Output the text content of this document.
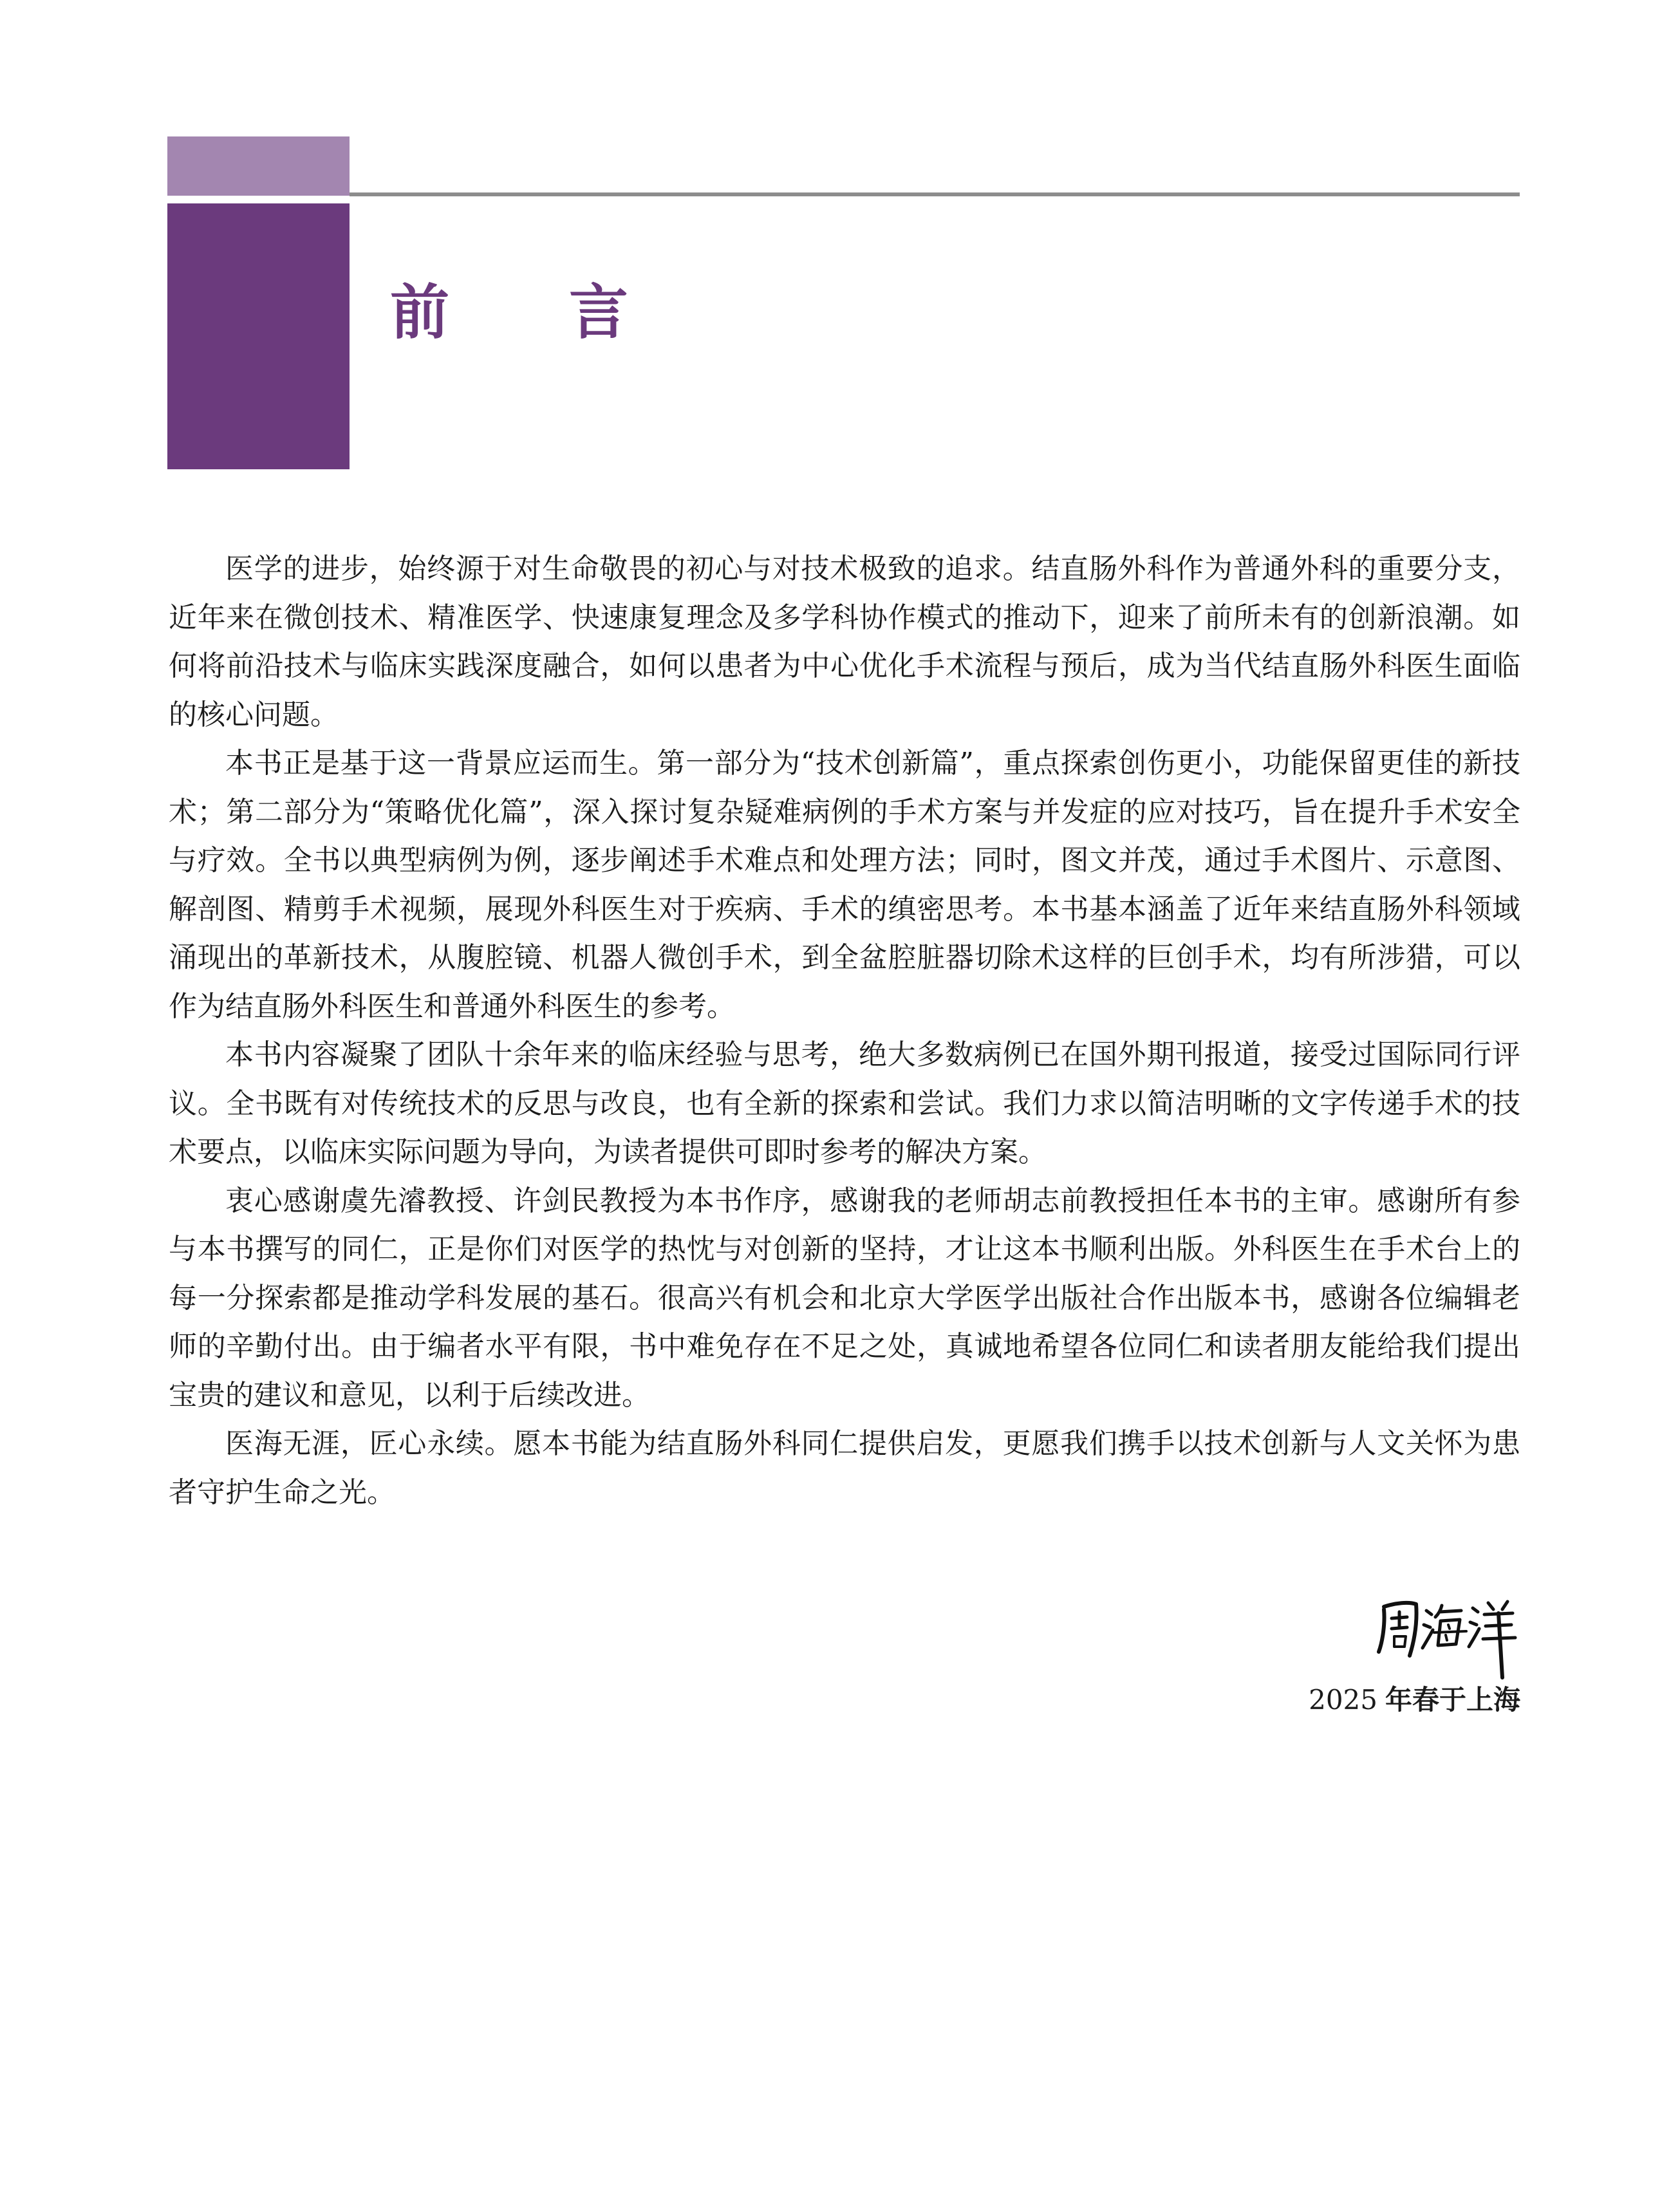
前言

医学的进步，始终源于对生命敬畏的初心与对技术极致的追求。结直肠外科作为普通外科的重要分支，近年来在微创技术、精准医学、快速康复理念及多学科协作模式的推动下，迎来了前所未有的创新浪潮。如何将前沿技术与临床实践深度融合，如何以患者为中心优化手术流程与预后，成为当代结直肠外科医生面临的核心问题。

本书正是基于这一背景应运而生。第一部分为“技术创新篇”，重点探索创伤更小，功能保留更佳的新技术；第二部分为“策略优化篇”，深入探讨复杂疑难病例的手术方案与并发症的应对技巧，旨在提升手术安全与疗效。全书以典型病例为例，逐步阐述手术难点和处理方法；同时，图文并茂，通过手术图片、示意图、解剖图、精剪手术视频，展现外科医生对于疾病、手术的缜密思考。本书基本涵盖了近年来结直肠外科领域涌现出的革新技术，从腹腔镜、机器人微创手术，到全盆腔脏器切除术这样的巨创手术，均有所涉猎，可以作为结直肠外科医生和普通外科医生的参考。

本书内容凝聚了团队十余年来的临床经验与思考，绝大多数病例已在国外期刊报道，接受过国际同行评议。全书既有对传统技术的反思与改良，也有全新的探索和尝试。我们力求以简洁明晰的文字传递手术的技术要点，以临床实际问题为导向，为读者提供可即时参考的解决方案。

衷心感谢虞先濬教授、许剑民教授为本书作序，感谢我的老师胡志前教授担任本书的主审。感谢所有参与本书撰写的同仁，正是你们对医学的热忱与对创新的坚持，才让这本书顺利出版。外科医生在手术台上的每一分探索都是推动学科发展的基石。很高兴有机会和北京大学医学出版社合作出版本书，感谢各位编辑老师的辛勤付出。由于编者水平有限，书中难免存在不足之处，真诚地希望各位同仁和读者朋友能给我们提出宝贵的建议和意见，以利于后续改进。

医海无涯，匠心永续。愿本书能为结直肠外科同仁提供启发，更愿我们携手以技术创新与人文关怀为患者守护生命之光。

2025 年春于上海
